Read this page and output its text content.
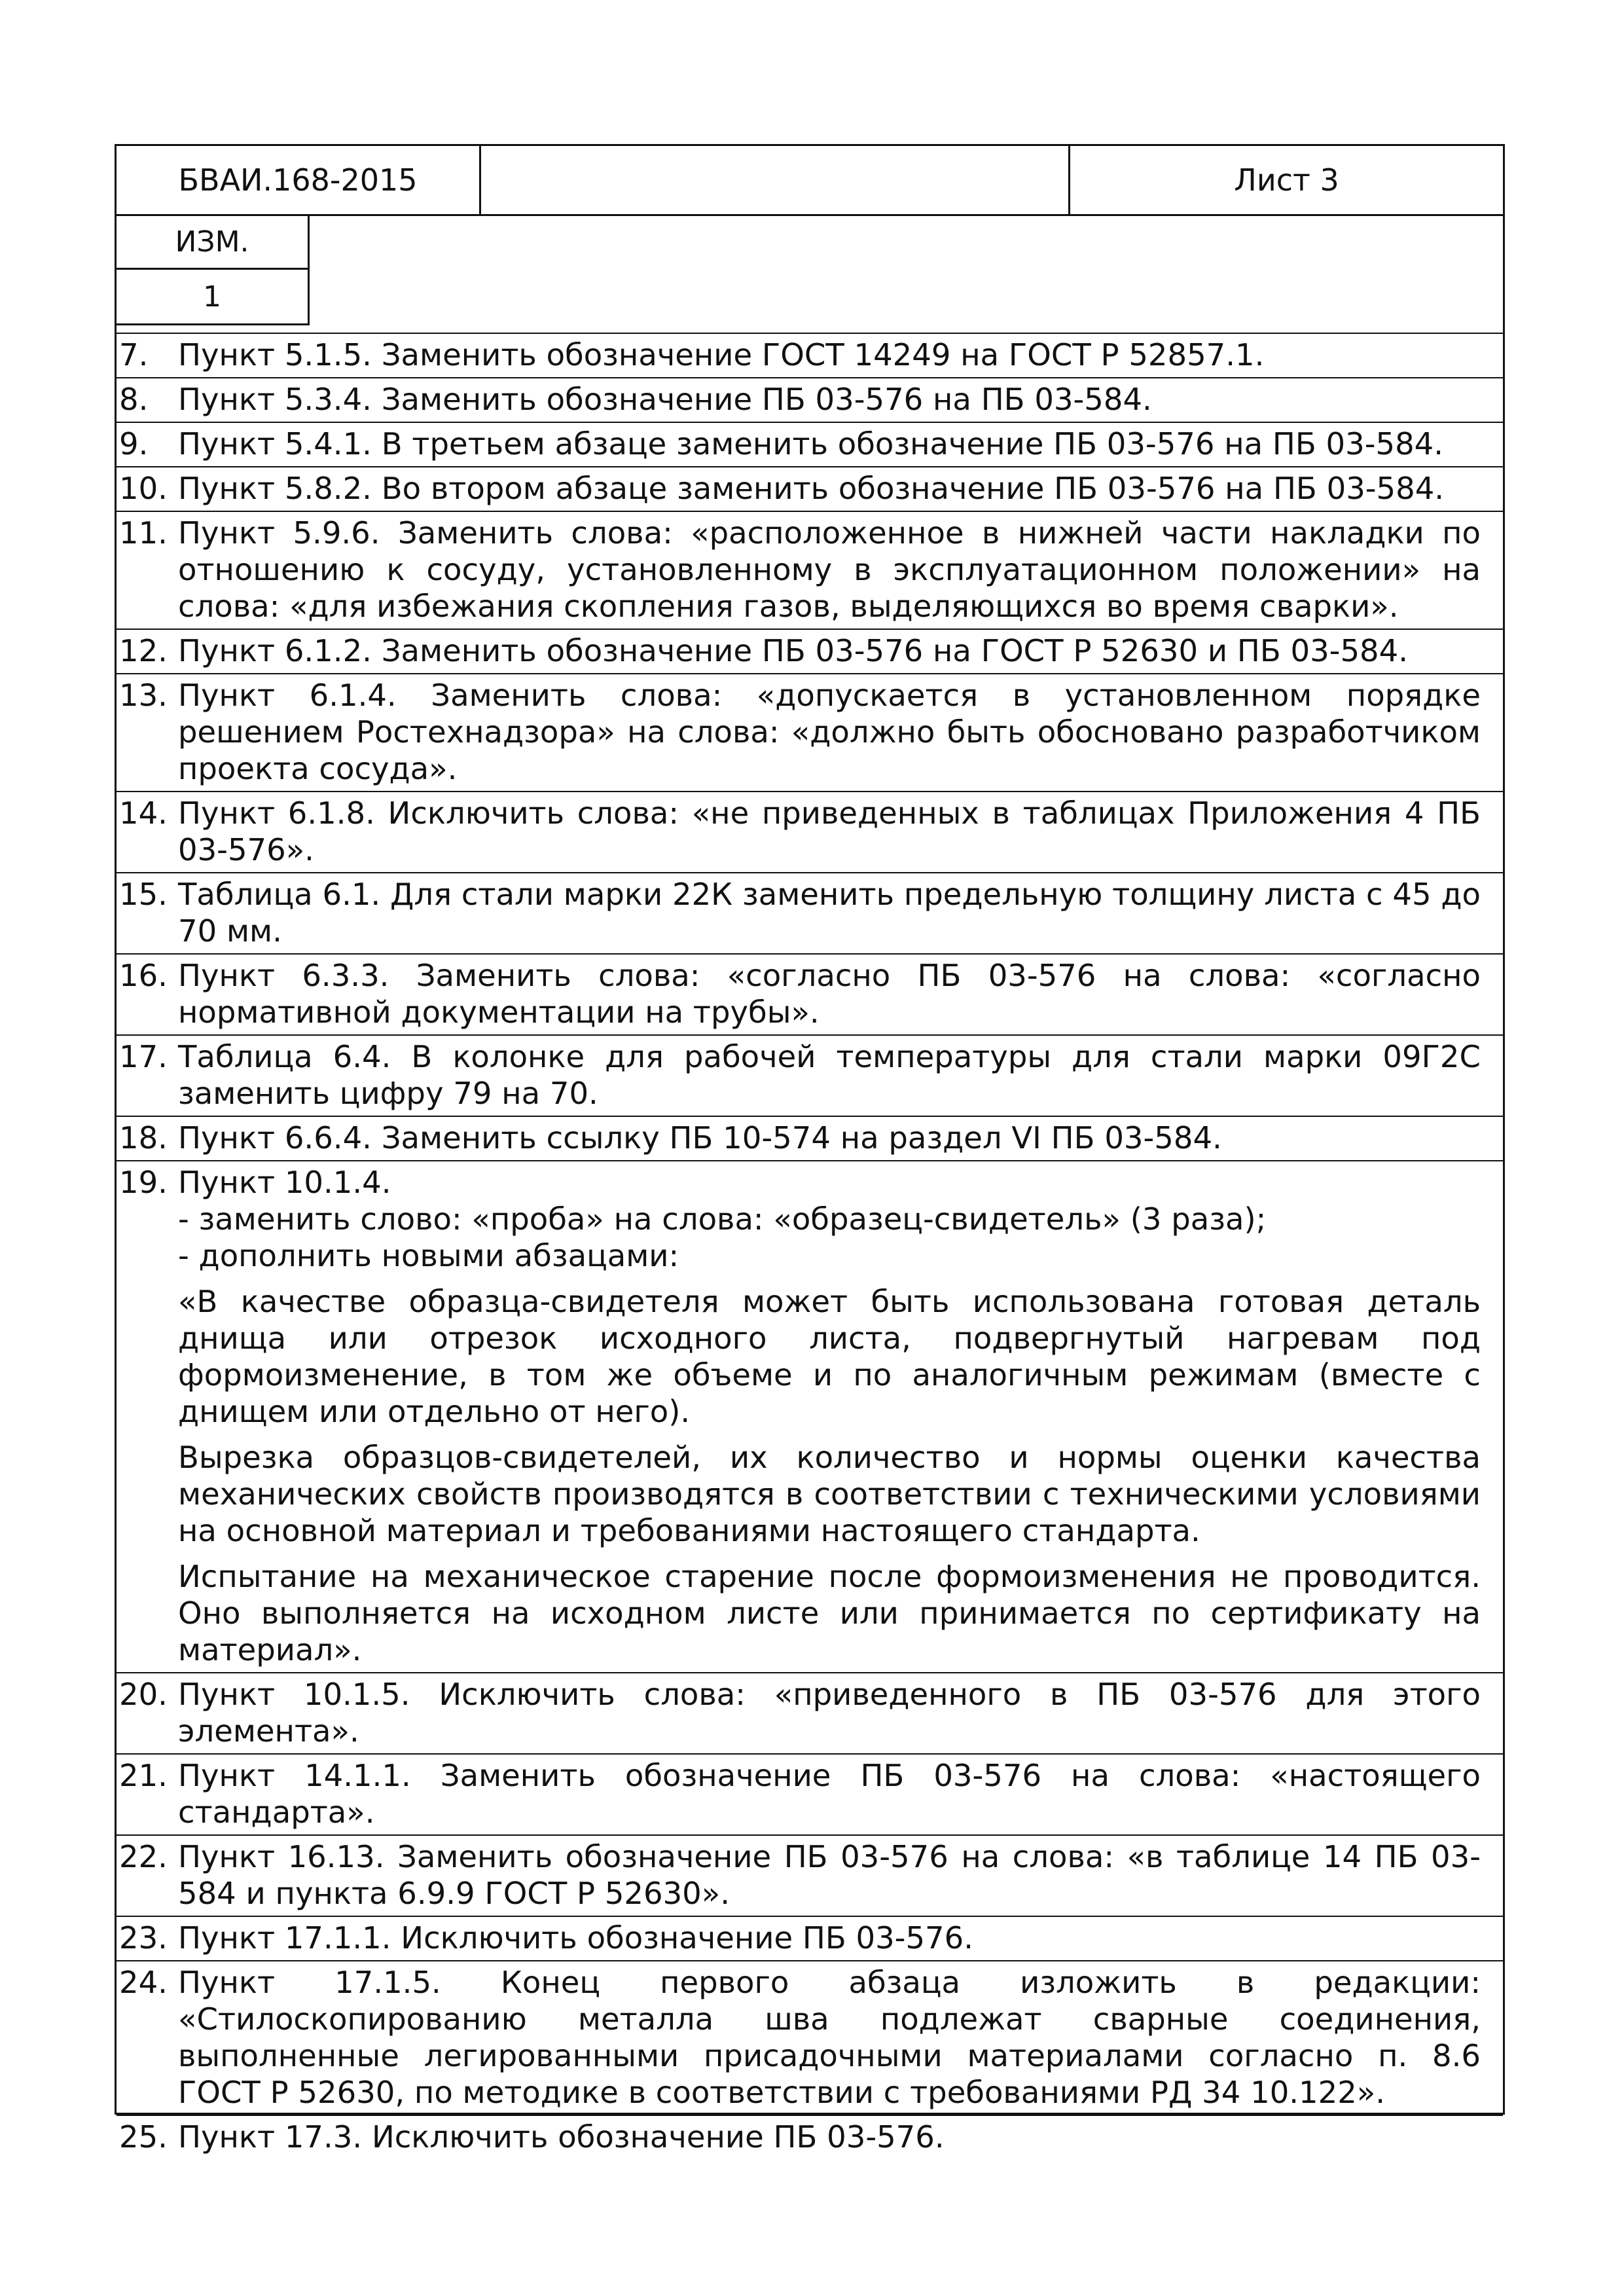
БВАИ.168-2015	Лист 3
ИЗМ.
1
7. Пункт 5.1.5. Заменить обозначение ГОСТ 14249 на ГОСТ Р 52857.1.

8. Пункт 5.3.4. Заменить обозначение ПБ 03-576 на ПБ 03-584.

9. Пункт 5.4.1. В третьем абзаце заменить обозначение ПБ 03-576 на ПБ 03-584.

10. Пункт 5.8.2. Во втором абзаце заменить обозначение ПБ 03-576 на ПБ 03-584.

11. Пункт 5.9.6. Заменить слова: «расположенное в нижней части накладки по отношению к сосуду, установленному в эксплуатационном положении» на слова: «для избежания скопления газов, выделяющихся во время сварки».

12. Пункт 6.1.2. Заменить обозначение ПБ 03-576 на ГОСТ Р 52630 и ПБ 03-584.

13. Пункт 6.1.4. Заменить слова: «допускается в установленном порядке решением Ростехнадзора» на слова: «должно быть обосновано разработчиком проекта сосуда».

14. Пункт 6.1.8. Исключить слова: «не приведенных в таблицах Приложения 4 ПБ 03-576».

15. Таблица 6.1. Для стали марки 22К заменить предельную толщину листа с 45 до 70 мм.

16. Пункт 6.3.3. Заменить слова: «согласно ПБ 03-576 на слова: «согласно нормативной документации на трубы».

17. Таблица 6.4. В колонке для рабочей температуры для стали марки 09Г2С заменить цифру 79 на 70.

18. Пункт 6.6.4. Заменить ссылку ПБ 10-574 на раздел VI ПБ 03-584.

19. Пункт 10.1.4.
- заменить слово: «проба» на слова: «образец-свидетель» (3 раза);
- дополнить новыми абзацами:

«В качестве образца-свидетеля может быть использована готовая деталь днища или отрезок исходного листа, подвергнутый нагревам под формоизменение, в том же объеме и по аналогичным режимам (вместе с днищем или отдельно от него).

Вырезка образцов-свидетелей, их количество и нормы оценки качества механических свойств производятся в соответствии с техническими условиями на основной материал и требованиями настоящего стандарта.

Испытание на механическое старение после формоизменения не проводится. Оно выполняется на исходном листе или принимается по сертификату на материал».

20. Пункт 10.1.5. Исключить слова: «приведенного в ПБ 03-576 для этого элемента».

21. Пункт 14.1.1. Заменить обозначение ПБ 03-576 на слова: «настоящего стандарта».

22. Пункт 16.13. Заменить обозначение ПБ 03-576 на слова: «в таблице 14 ПБ 03-584 и пункта 6.9.9 ГОСТ Р 52630».

23. Пункт 17.1.1. Исключить обозначение ПБ 03-576.

24. Пункт 17.1.5. Конец первого абзаца изложить в редакции: «Стилоскопированию металла шва подлежат сварные соединения, выполненные легированными присадочными материалами согласно п. 8.6 ГОСТ Р 52630, по методике в соответствии с требованиями РД 34 10.122».

25. Пункт 17.3. Исключить обозначение ПБ 03-576.
